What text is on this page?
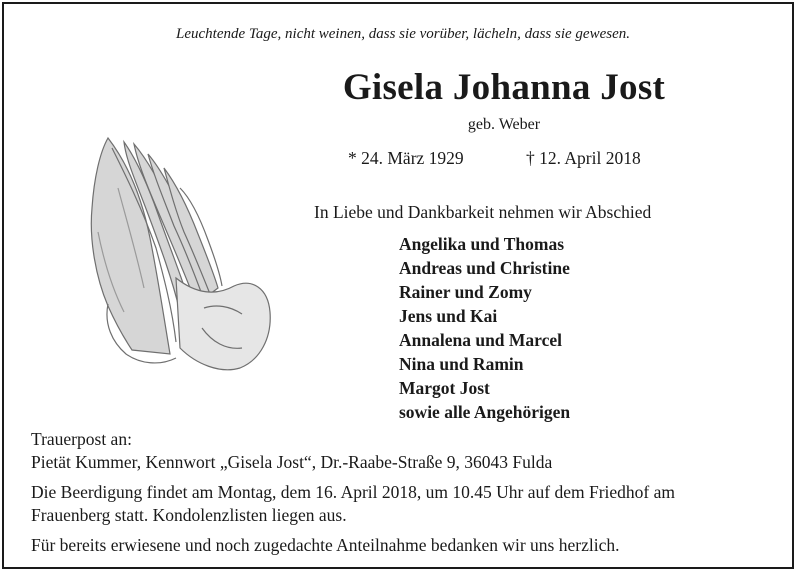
Leuchtende Tage, nicht weinen, dass sie vorüber, lächeln, dass sie gewesen.
Gisela Johanna Jost
geb. Weber
* 24. März 1929	† 12. April 2018
In Liebe und Dankbarkeit nehmen wir Abschied
Angelika und Thomas
Andreas und Christine
Rainer und Zomy
Jens und Kai
Annalena und Marcel
Nina und Ramin
Margot Jost
sowie alle Angehörigen
Trauerpost an:
Pietät Kummer, Kennwort „Gisela Jost“, Dr.-Raabe-Straße 9, 36043 Fulda
Die Beerdigung findet am Montag, dem 16. April 2018, um 10.45 Uhr auf dem Friedhof am
Frauenberg statt. Kondolenzlisten liegen aus.
Für bereits erwiesene und noch zugedachte Anteilnahme bedanken wir uns herzlich.
